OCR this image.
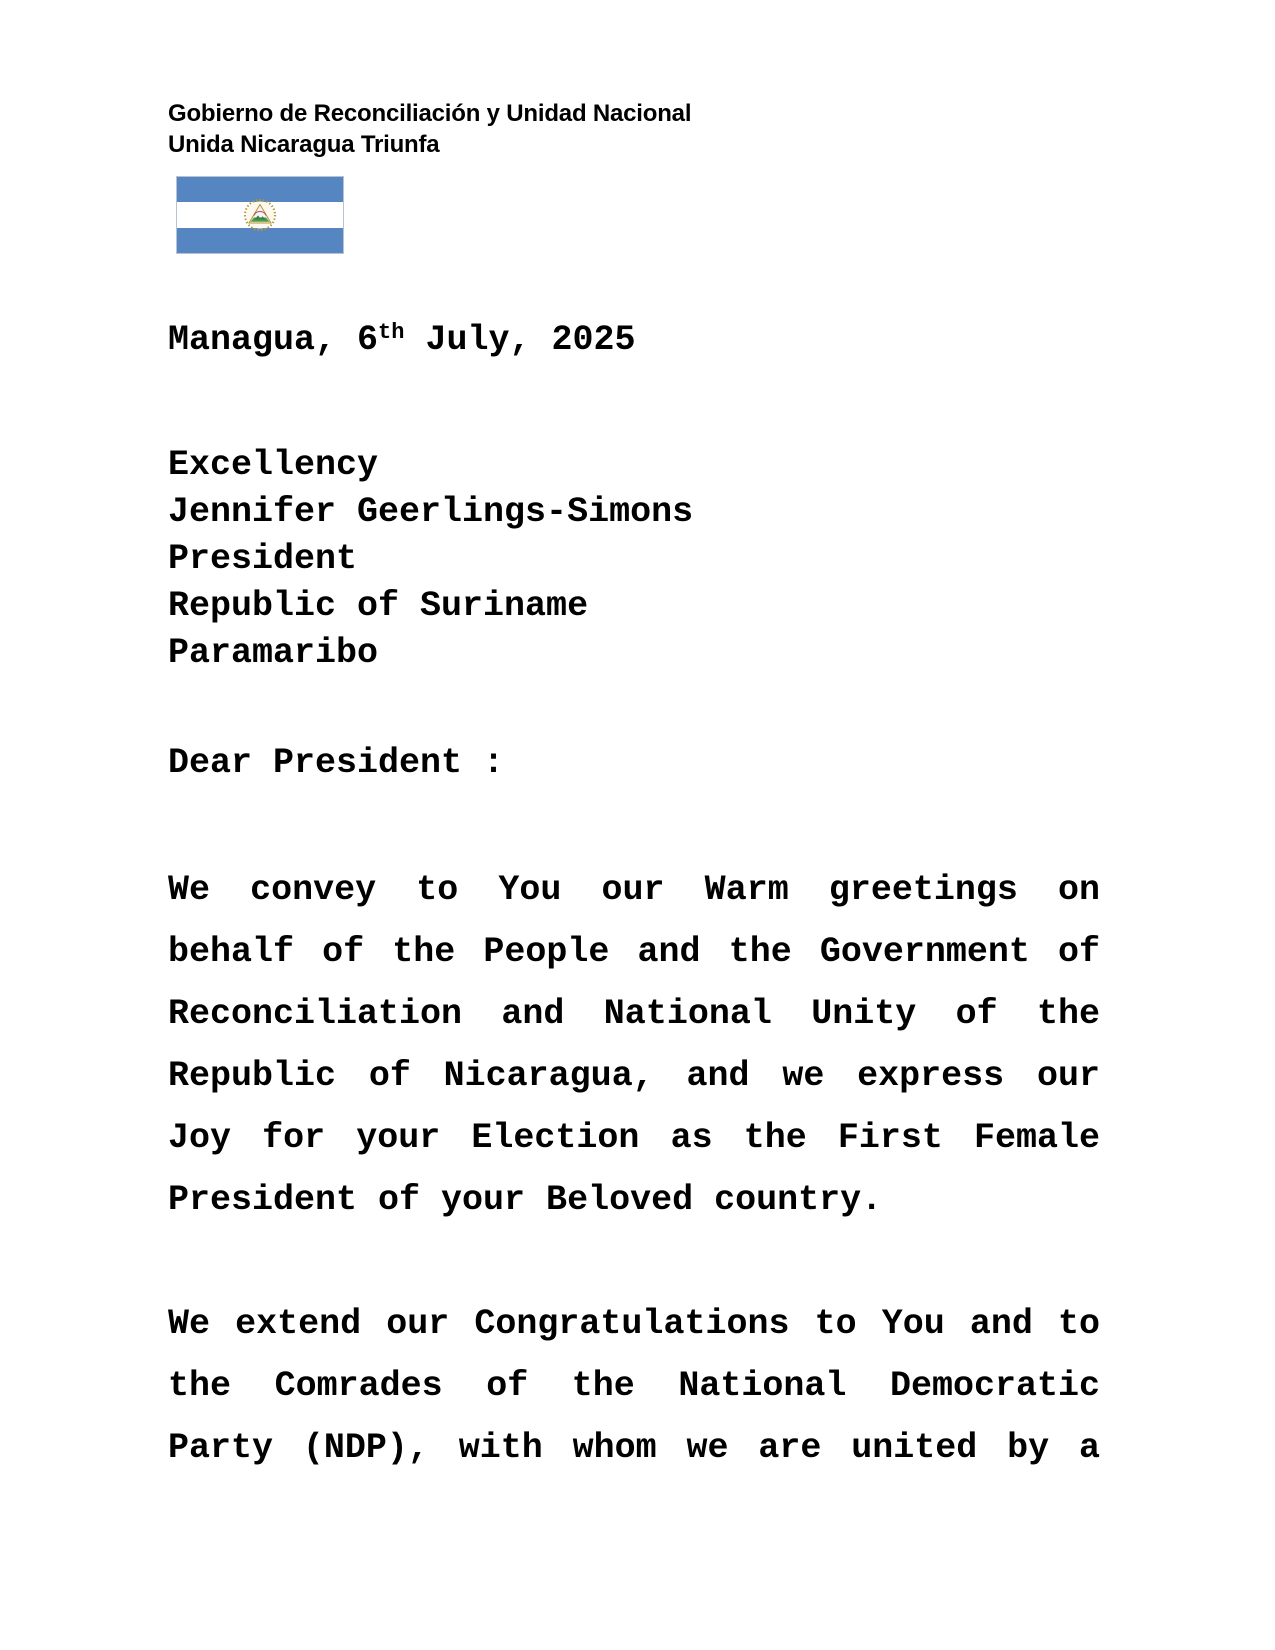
Gobierno de Reconciliación y Unidad Nacional
Unida Nicaragua Triunfa
Managua, 6th July, 2025
Excellency
Jennifer Geerlings-Simons
President
Republic of Suriname
Paramaribo
Dear President :

We convey to You our Warm greetings on behalf of the People and the Government of Reconciliation and National Unity of the Republic of Nicaragua, and we express our Joy for your Election as the First Female President of your Beloved country.

We extend our Congratulations to You and to the Comrades of the National Democratic Party (NDP), with whom we are united by a
